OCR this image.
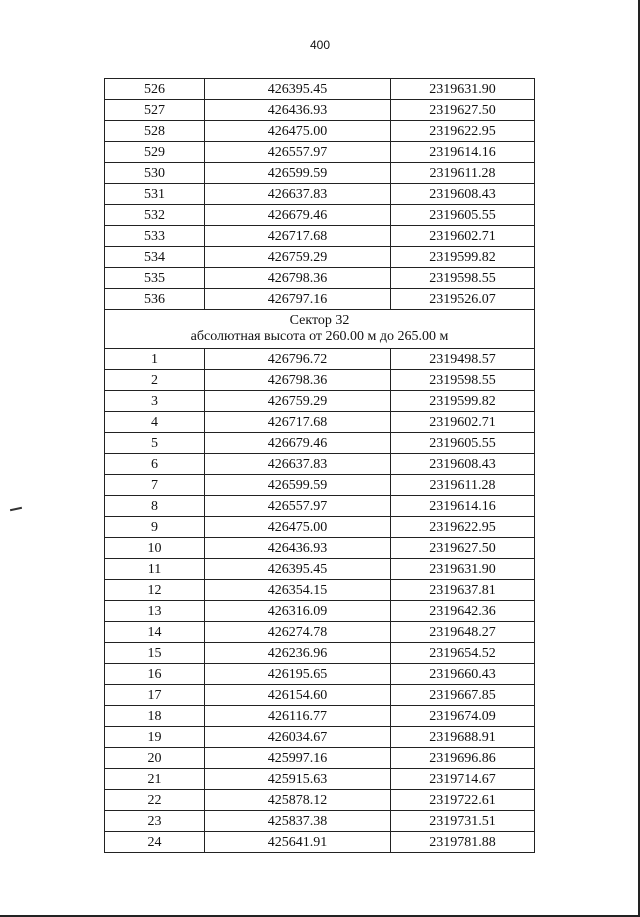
400
526	426395.45	2319631.90
527	426436.93	2319627.50
528	426475.00	2319622.95
529	426557.97	2319614.16
530	426599.59	2319611.28
531	426637.83	2319608.43
532	426679.46	2319605.55
533	426717.68	2319602.71
534	426759.29	2319599.82
535	426798.36	2319598.55
536	426797.16	2319526.07

Сектор 32
абсолютная высота от 260.00 м до 265.00 м		

1	426796.72	2319498.57
2	426798.36	2319598.55
3	426759.29	2319599.82
4	426717.68	2319602.71
5	426679.46	2319605.55
6	426637.83	2319608.43
7	426599.59	2319611.28
8	426557.97	2319614.16
9	426475.00	2319622.95
10	426436.93	2319627.50
11	426395.45	2319631.90
12	426354.15	2319637.81
13	426316.09	2319642.36
14	426274.78	2319648.27
15	426236.96	2319654.52
16	426195.65	2319660.43
17	426154.60	2319667.85
18	426116.77	2319674.09
19	426034.67	2319688.91
20	425997.16	2319696.86
21	425915.63	2319714.67
22	425878.12	2319722.61
23	425837.38	2319731.51
24	425641.91	2319781.88
